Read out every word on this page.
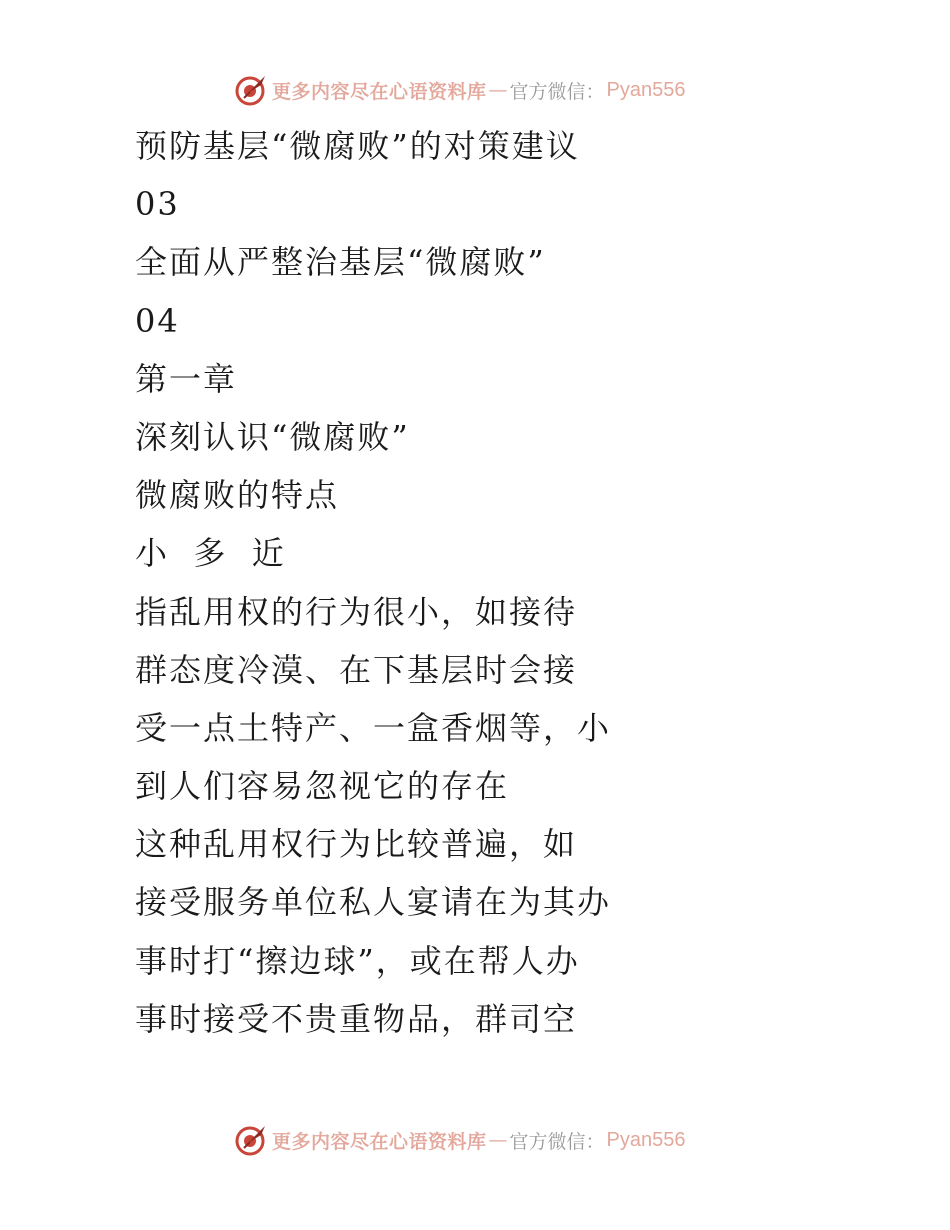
更多内容尽在心语资料库 — 官方微信： Pyan556
预防基层“微腐败”的对策建议
03
全面从严整治基层“微腐败”
04
第一章
深刻认识“微腐败”
微腐败的特点
小  多  近
指乱用权的行为很小，如接待
群态度冷漠、在下基层时会接
受一点土特产、一盒香烟等，小
到人们容易忽视它的存在
这种乱用权行为比较普遍，如
接受服务单位私人宴请在为其办
事时打“擦边球”，或在帮人办
事时接受不贵重物品，群司空
更多内容尽在心语资料库 — 官方微信： Pyan556
